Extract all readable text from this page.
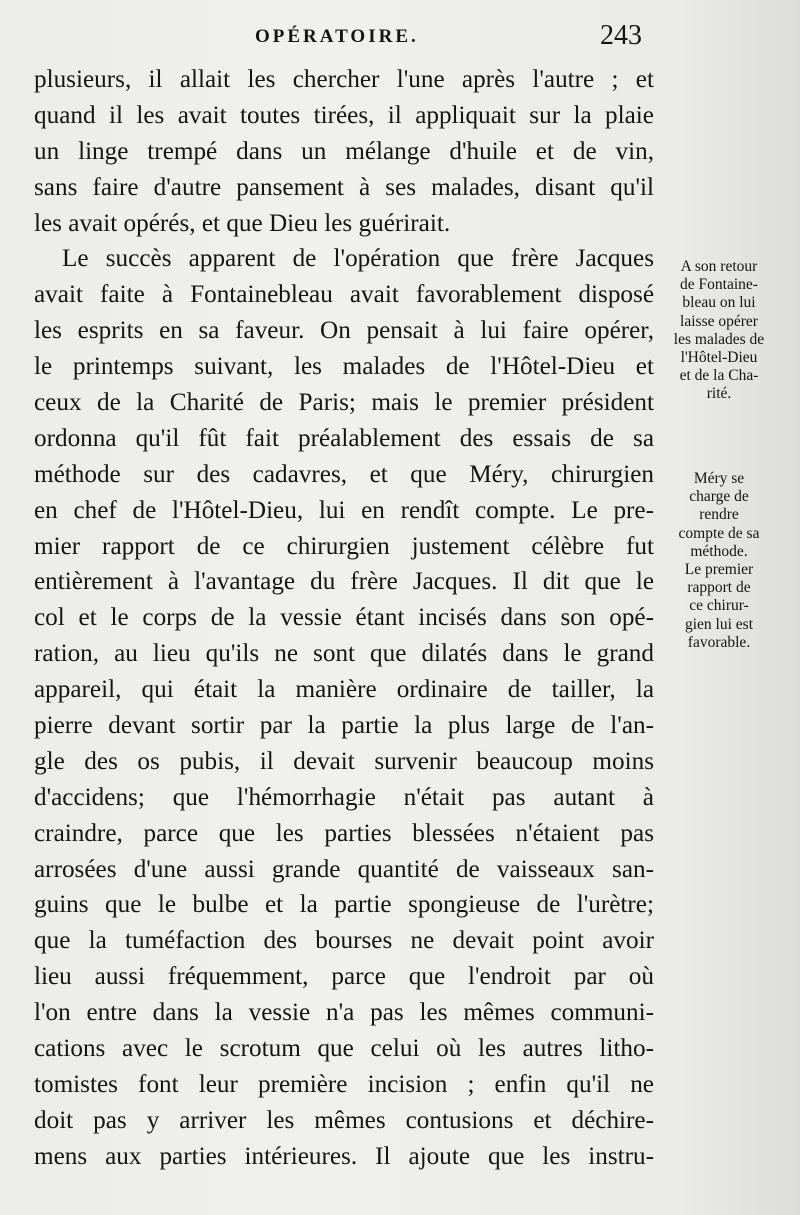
OPÉRATOIRE.	243
plusieurs, il allait les chercher l'une après l'autre ; et
quand il les avait toutes tirées, il appliquait sur la plaie
un linge trempé dans un mélange d'huile et de vin,
sans faire d'autre pansement à ses malades, disant qu'il
les avait opérés, et que Dieu les guérirait.
Le succès apparent de l'opération que frère Jacques
avait faite à Fontainebleau avait favorablement disposé
les esprits en sa faveur. On pensait à lui faire opérer,
le printemps suivant, les malades de l'Hôtel-Dieu et
ceux de la Charité de Paris; mais le premier président
ordonna qu'il fût fait préalablement des essais de sa
méthode sur des cadavres, et que Méry, chirurgien
en chef de l'Hôtel-Dieu, lui en rendît compte. Le pre-
mier rapport de ce chirurgien justement célèbre fut
entièrement à l'avantage du frère Jacques. Il dit que le
col et le corps de la vessie étant incisés dans son opé-
ration, au lieu qu'ils ne sont que dilatés dans le grand
appareil, qui était la manière ordinaire de tailler, la
pierre devant sortir par la partie la plus large de l'an-
gle des os pubis, il devait survenir beaucoup moins
d'accidens; que l'hémorrhagie n'était pas autant à
craindre, parce que les parties blessées n'étaient pas
arrosées d'une aussi grande quantité de vaisseaux san-
guins que le bulbe et la partie spongieuse de l'urètre;
que la tuméfaction des bourses ne devait point avoir
lieu aussi fréquemment, parce que l'endroit par où
l'on entre dans la vessie n'a pas les mêmes communi-
cations avec le scrotum que celui où les autres litho-
tomistes font leur première incision ; enfin qu'il ne
doit pas y arriver les mêmes contusions et déchire-
mens aux parties intérieures. Il ajoute que les instru-
A son retour
de Fontaine-
bleau on lui
laisse opérer
les malades de
l'Hôtel-Dieu
et de la Cha-
rité.
Méry se
charge de
rendre
compte de sa
méthode.
Le premier
rapport de
ce chirur-
gien lui est
favorable.
